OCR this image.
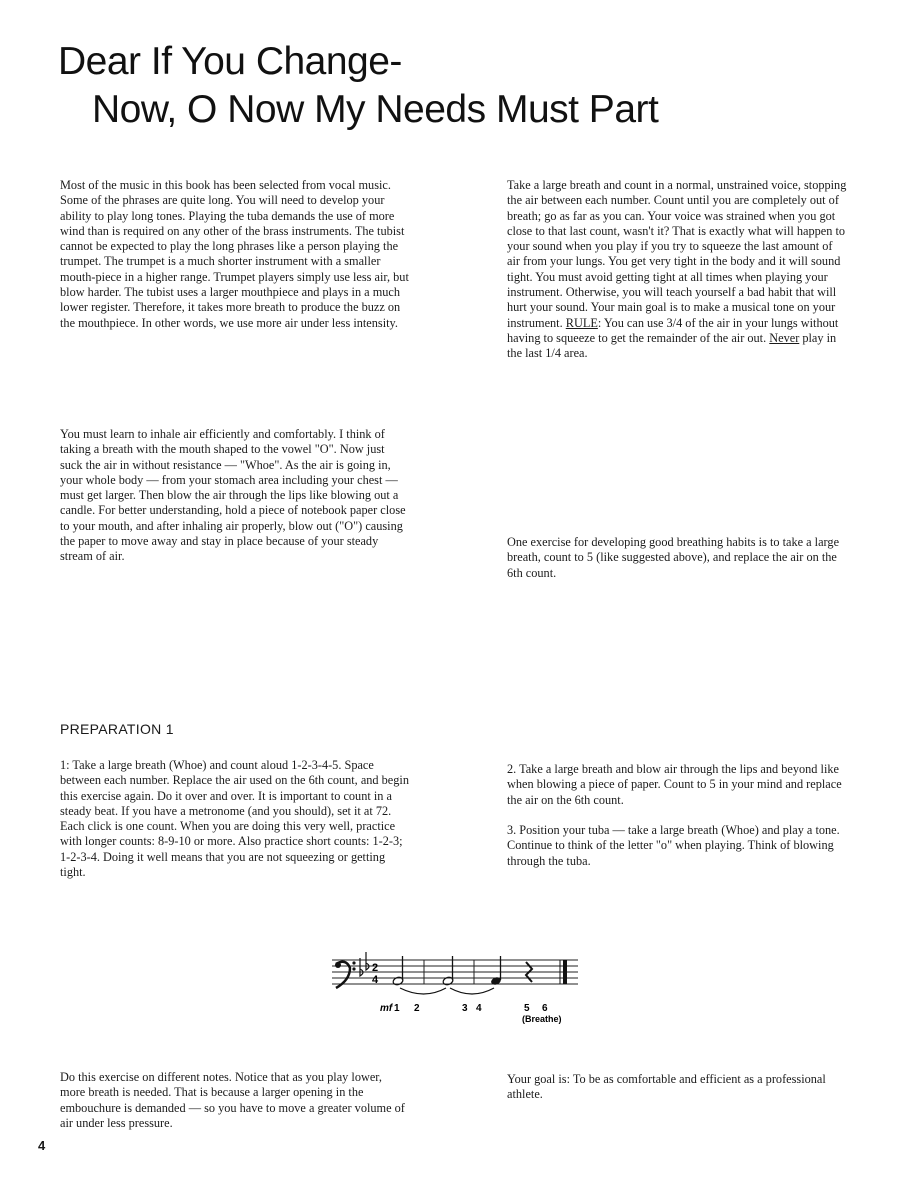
Dear If You Change-
Now, O Now My Needs Must Part

Most of the music in this book has been selected from vocal music. Some of the phrases are quite long. You will need to develop your ability to play long tones. Playing the tuba demands the use of more wind than is required on any other of the brass instruments. The tubist cannot be expected to play the long phrases like a person playing the trumpet. The trumpet is a much shorter instrument with a smaller mouth-piece in a higher range. Trumpet players simply use less air, but blow harder. The tubist uses a larger mouthpiece and plays in a much lower register. Therefore, it takes more breath to produce the buzz on the mouthpiece. In other words, we use more air under less intensity.

Take a large breath and count in a normal, unstrained voice, stopping the air between each number. Count until you are completely out of breath; go as far as you can. Your voice was strained when you got close to that last count, wasn't it? That is exactly what will happen to your sound when you play if you try to squeeze the last amount of air from your lungs. You get very tight in the body and it will sound tight. You must avoid getting tight at all times when playing your instrument. Otherwise, you will teach yourself a bad habit that will hurt your sound. Your main goal is to make a musical tone on your instrument. RULE: You can use 3/4 of the air in your lungs without having to squeeze to get the remainder of the air out. Never play in the last 1/4 area.

You must learn to inhale air efficiently and comfortably. I think of taking a breath with the mouth shaped to the vowel "O". Now just suck the air in without resistance — "Whoe". As the air is going in, your whole body — from your stomach area including your chest — must get larger. Then blow the air through the lips like blowing out a candle. For better understanding, hold a piece of notebook paper close to your mouth, and after inhaling air properly, blow out ("O") causing the paper to move away and stay in place because of your steady stream of air.

One exercise for developing good breathing habits is to take a large breath, count to 5 (like suggested above), and replace the air on the 6th count.

PREPARATION 1

1: Take a large breath (Whoe) and count aloud 1-2-3-4-5. Space between each number. Replace the air used on the 6th count, and begin this exercise again. Do it over and over. It is important to count in a steady beat. If you have a metronome (and you should), set it at 72. Each click is one count. When you are doing this very well, practice with longer counts: 8-9-10 or more. Also practice short counts: 1-2-3; 1-2-3-4. Doing it well means that you are not squeezing or getting tight.

2. Take a large breath and blow air through the lips and beyond like when blowing a piece of paper. Count to 5 in your mind and replace the air on the 6th count.

3. Position your tuba — take a large breath (Whoe) and play a tone. Continue to think of the letter "o" when playing. Think of blowing through the tuba.

2
4
mf 1 2	3 4	5 6
(Breathe)

Do this exercise on different notes. Notice that as you play lower, more breath is needed. That is because a larger opening in the embouchure is demanded — so you have to move a greater volume of air under less pressure.

Your goal is: To be as comfortable and efficient as a professional athlete.

4
